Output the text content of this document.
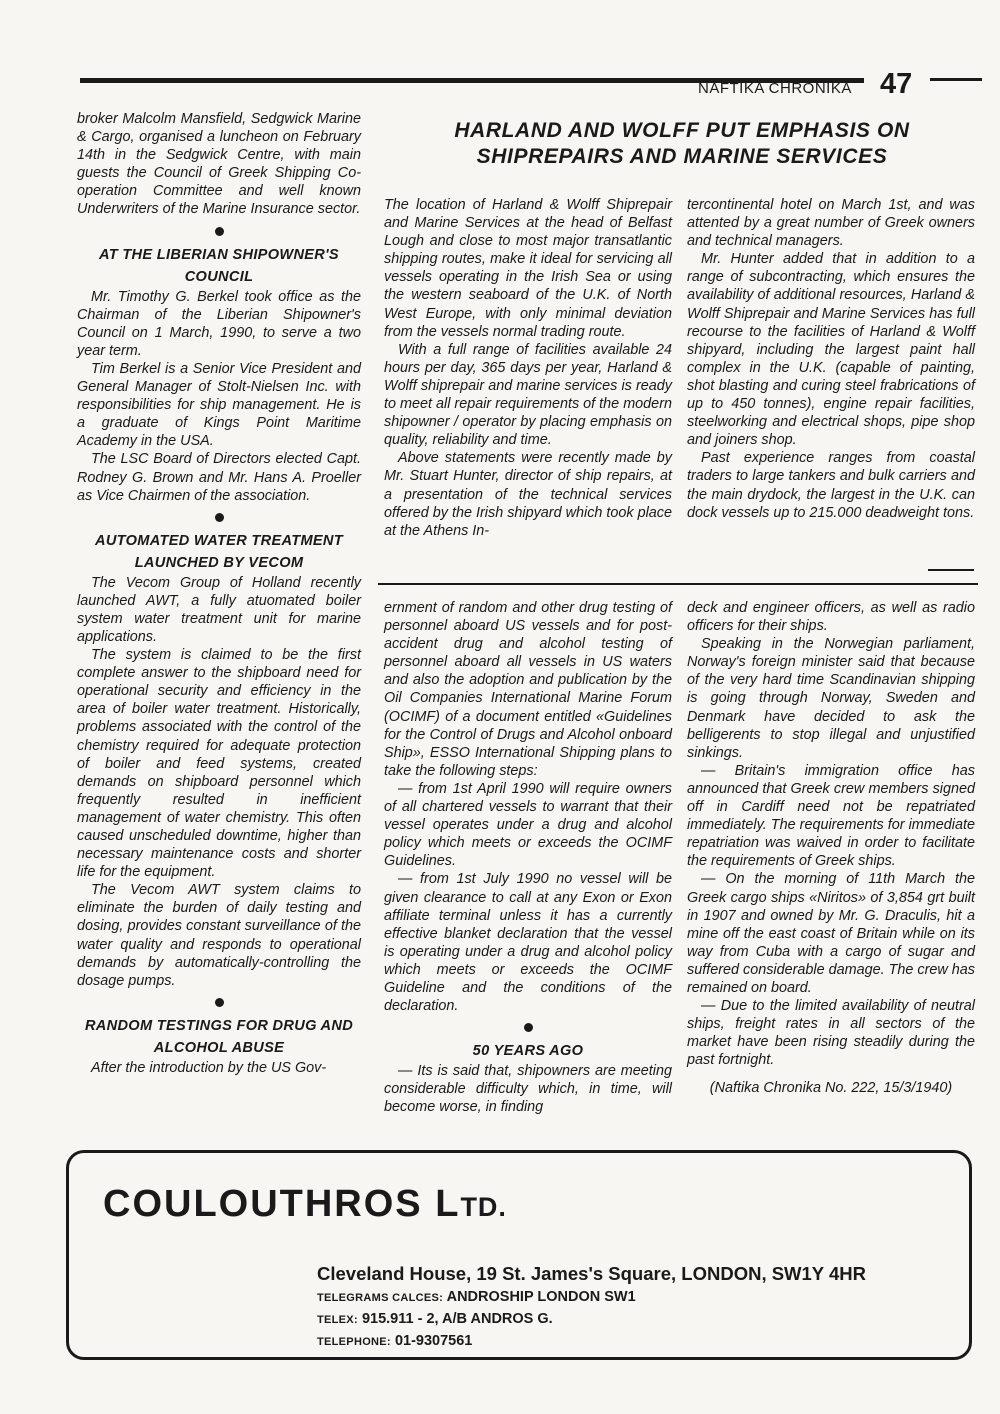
NAFTIKA CHRONIKA 47

broker Malcolm Mansfield, Sedgwick Marine & Cargo, organised a luncheon on February 14th in the Sedgwick Centre, with main guests the Council of Greek Shipping Co-operation Committee and well known Underwriters of the Marine Insurance sector.

AT THE LIBERIAN SHIPOWNER'S COUNCIL

Mr. Timothy G. Berkel took office as the Chairman of the Liberian Shipowner's Council on 1 March, 1990, to serve a two year term.

Tim Berkel is a Senior Vice President and General Manager of Stolt-Nielsen Inc. with responsibilities for ship management. He is a graduate of Kings Point Maritime Academy in the USA.

The LSC Board of Directors elected Capt. Rodney G. Brown and Mr. Hans A. Proeller as Vice Chairmen of the association.

AUTOMATED WATER TREATMENT LAUNCHED BY VECOM

The Vecom Group of Holland recently launched AWT, a fully atuomated boiler system water treatment unit for marine applications.

The system is claimed to be the first complete answer to the shipboard need for operational security and efficiency in the area of boiler water treatment. Historically, problems associated with the control of the chemistry required for adequate protection of boiler and feed systems, created demands on shipboard personnel which frequently resulted in inefficient management of water chemistry. This often caused unscheduled downtime, higher than necessary maintenance costs and shorter life for the equipment.

The Vecom AWT system claims to eliminate the burden of daily testing and dosing, provides constant surveillance of the water quality and responds to operational demands by automatically-controlling the dosage pumps.

RANDOM TESTINGS FOR DRUG AND ALCOHOL ABUSE

After the introduction by the US Gov-

HARLAND AND WOLFF PUT EMPHASIS ON SHIPREPAIRS AND MARINE SERVICES

The location of Harland & Wolff Shiprepair and Marine Services at the head of Belfast Lough and close to most major transatlantic shipping routes, make it ideal for servicing all vessels operating in the Irish Sea or using the western seaboard of the U.K. of North West Europe, with only minimal deviation from the vessels normal trading route.

With a full range of facilities available 24 hours per day, 365 days per year, Harland & Wolff shiprepair and marine services is ready to meet all repair requirements of the modern shipowner / operator by placing emphasis on quality, reliability and time.

Above statements were recently made by Mr. Stuart Hunter, director of ship repairs, at a presentation of the technical services offered by the Irish shipyard which took place at the Athens In-

tercontinental hotel on March 1st, and was attented by a great number of Greek owners and technical managers.

Mr. Hunter added that in addition to a range of subcontracting, which ensures the availability of additional resources, Harland & Wolff Shiprepair and Marine Services has full recourse to the facilities of Harland & Wolff shipyard, including the largest paint hall complex in the U.K. (capable of painting, shot blasting and curing steel frabrications of up to 450 tonnes), engine repair facilities, steelworking and electrical shops, pipe shop and joiners shop.

Past experience ranges from coastal traders to large tankers and bulk carriers and the main drydock, the largest in the U.K. can dock vessels up to 215.000 deadweight tons.

ernment of random and other drug testing of personnel aboard US vessels and for post-accident drug and alcohol testing of personnel aboard all vessels in US waters and also the adoption and publication by the Oil Companies International Marine Forum (OCIMF) of a document entitled «Guidelines for the Control of Drugs and Alcohol onboard Ship», ESSO International Shipping plans to take the following steps:

— from 1st April 1990 will require owners of all chartered vessels to warrant that their vessel operates under a drug and alcohol policy which meets or exceeds the OCIMF Guidelines.

— from 1st July 1990 no vessel will be given clearance to call at any Exon or Exon affiliate terminal unless it has a currently effective blanket declaration that the vessel is operating under a drug and alcohol policy which meets or exceeds the OCIMF Guideline and the conditions of the declaration.

50 YEARS AGO

— Its is said that, shipowners are meeting considerable difficulty which, in time, will become worse, in finding

deck and engineer officers, as well as radio officers for their ships.

Speaking in the Norwegian parliament, Norway's foreign minister said that because of the very hard time Scandinavian shipping is going through Norway, Sweden and Denmark have decided to ask the belligerents to stop illegal and unjustified sinkings.

— Britain's immigration office has announced that Greek crew members signed off in Cardiff need not be repatriated immediately. The requirements for immediate repatriation was waived in order to facilitate the requirements of Greek ships.

— On the morning of 11th March the Greek cargo ships «Niritos» of 3,854 grt built in 1907 and owned by Mr. G. Draculis, hit a mine off the east coast of Britain while on its way from Cuba with a cargo of sugar and suffered considerable damage. The crew has remained on board.

— Due to the limited availability of neutral ships, freight rates in all sectors of the market have been rising steadily during the past fortnight.

(Naftika Chronika No. 222, 15/3/1940)

COULOUTHROS LTD.
Cleveland House, 19 St. James's Square, LONDON, SW1Y 4HR
TELEGRAMS CALCES: ANDROSHIP LONDON SW1
TELEX: 915.911 - 2, A/B ANDROS G.
TELEPHONE: 01-9307561
